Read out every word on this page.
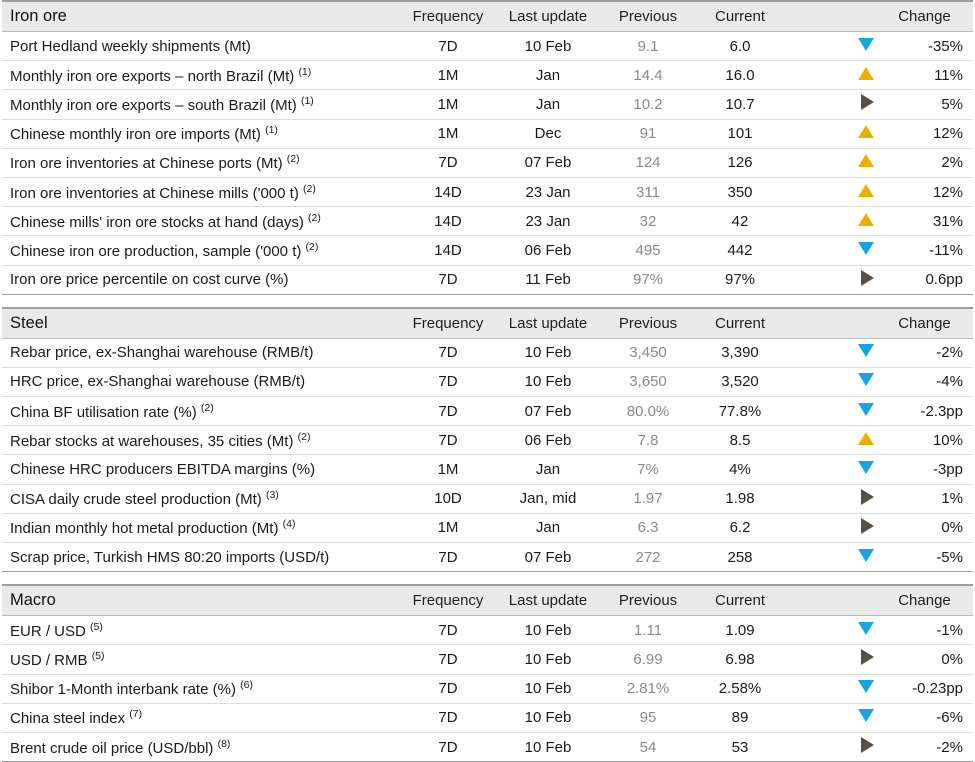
Iron ore	Frequency	Last update	Previous	Current		Change
Port Hedland weekly shipments (Mt)	7D	10 Feb	9.1	6.0		-35%
Monthly iron ore exports – north Brazil (Mt) $^{(1)}$	1M	Jan	14.4	16.0		11%
Monthly iron ore exports – south Brazil (Mt) $^{(1)}$	1M	Jan	10.2	10.7		5%
Chinese monthly iron ore imports (Mt) $^{(1)}$	1M	Dec	91	101		12%
Iron ore inventories at Chinese ports (Mt) $^{(2)}$	7D	07 Feb	124	126		2%
Iron ore inventories at Chinese mills ('000 t) $^{(2)}$	14D	23 Jan	311	350		12%
Chinese mills' iron ore stocks at hand (days) $^{(2)}$	14D	23 Jan	32	42		31%
Chinese iron ore production, sample ('000 t) $^{(2)}$	14D	06 Feb	495	442		-11%
Iron ore price percentile on cost curve (%)	7D	11 Feb	97%	97%		0.6pp

Steel	Frequency	Last update	Previous	Current		Change
Rebar price, ex-Shanghai warehouse (RMB/t)	7D	10 Feb	3,450	3,390		-2%
HRC price, ex-Shanghai warehouse (RMB/t)	7D	10 Feb	3,650	3,520		-4%
China BF utilisation rate (%) $^{(2)}$	7D	07 Feb	80.0%	77.8%		-2.3pp
Rebar stocks at warehouses, 35 cities (Mt) $^{(2)}$	7D	06 Feb	7.8	8.5		10%
Chinese HRC producers EBITDA margins (%)	1M	Jan	7%	4%		-3pp
CISA daily crude steel production (Mt) $^{(3)}$	10D	Jan, mid	1.97	1.98		1%
Indian monthly hot metal production (Mt) $^{(4)}$	1M	Jan	6.3	6.2		0%
Scrap price, Turkish HMS 80:20 imports (USD/t)	7D	07 Feb	272	258		-5%

Macro	Frequency	Last update	Previous	Current		Change
EUR / USD $^{(5)}$	7D	10 Feb	1.11	1.09		-1%
USD / RMB $^{(5)}$	7D	10 Feb	6.99	6.98		0%
Shibor 1-Month interbank rate (%) $^{(6)}$	7D	10 Feb	2.81%	2.58%		-0.23pp
China steel index $^{(7)}$	7D	10 Feb	95	89		-6%
Brent crude oil price (USD/bbl) $^{(8)}$	7D	10 Feb	54	53		-2%
